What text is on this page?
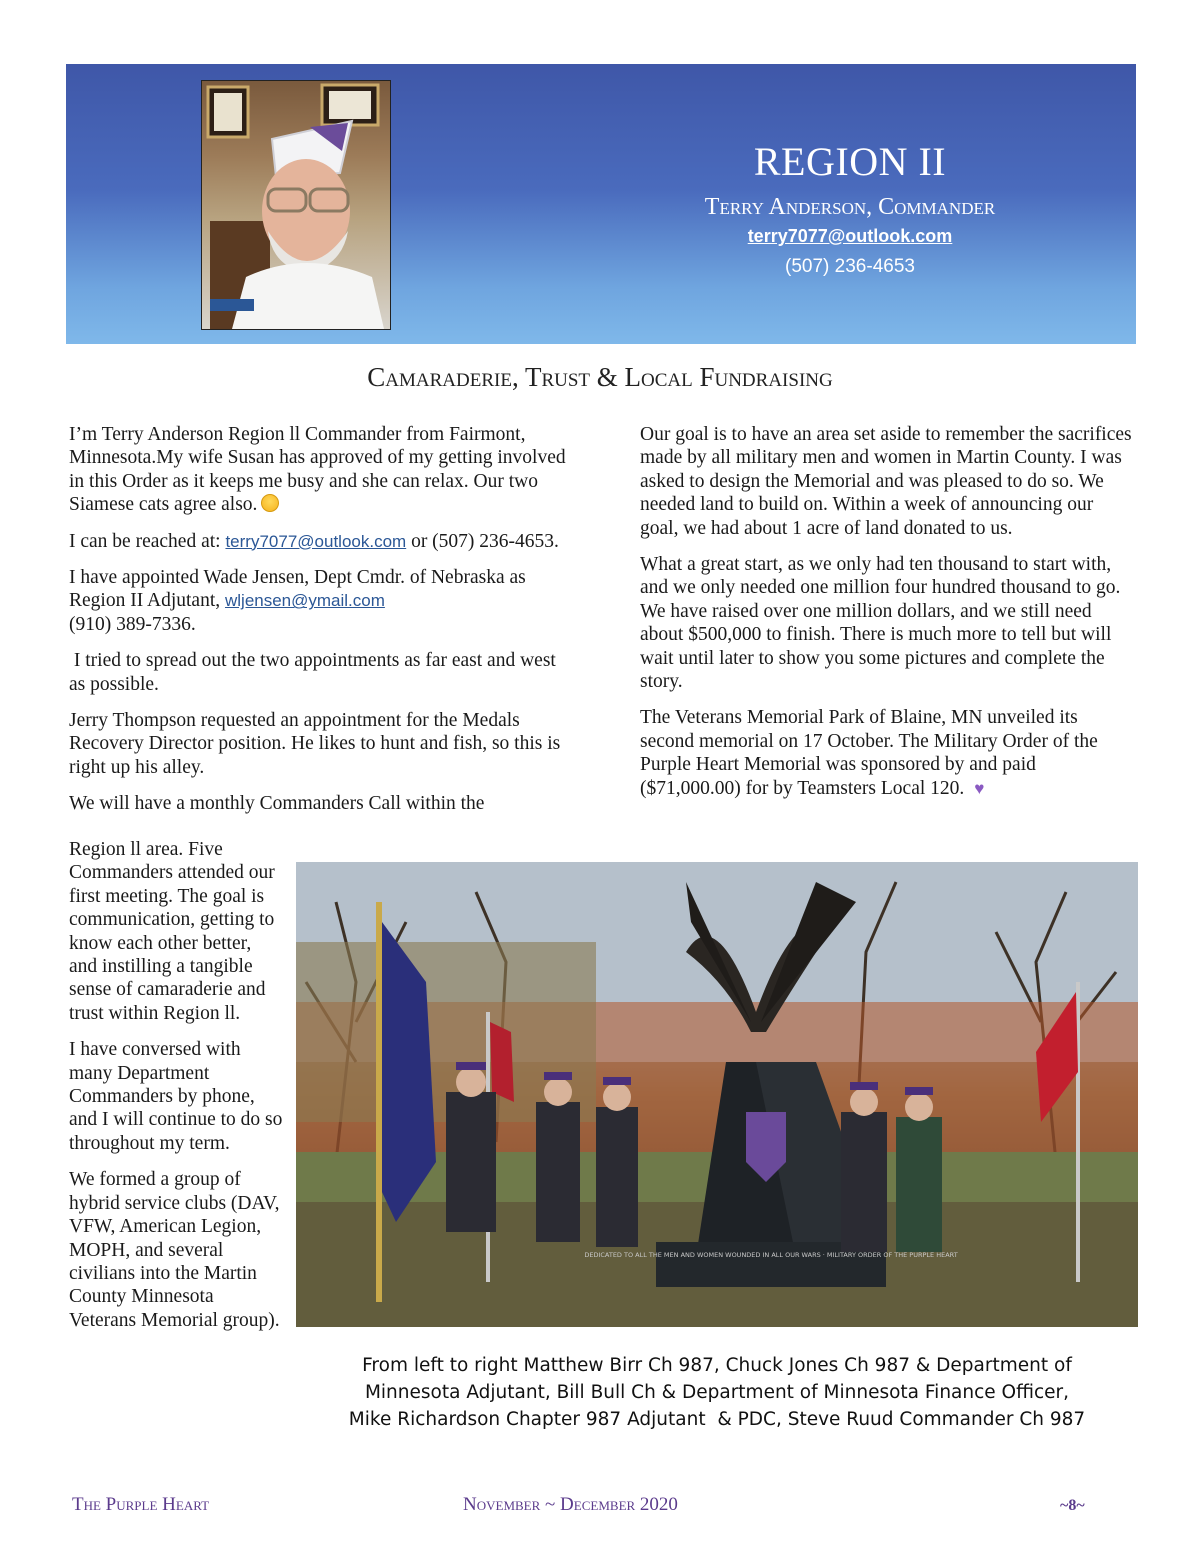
REGION II
Terry Anderson, Commander
terry7077@outlook.com
(507) 236-4653
Camaraderie, Trust & Local Fundraising

I’m Terry Anderson Region ll Commander from Fairmont, Minnesota.My wife Susan has approved of my getting involved in this Order as it keeps me busy and she can relax. Our two Siamese cats agree also.

I can be reached at: terry7077@outlook.com or (507) 236-4653.

I have appointed Wade Jensen, Dept Cmdr. of Nebraska as Region II Adjutant, wljensen@ymail.com
(910) 389-7336.

I tried to spread out the two appointments as far east and west as possible.

Jerry Thompson requested an appointment for the Medals Recovery Director position. He likes to hunt and fish, so this is right up his alley.

We will have a monthly Commanders Call within the

Region ll area. Five Commanders attended our first meeting. The goal is communication, getting to know each other better, and instilling a tangible sense of camaraderie and trust within Region ll.

I have conversed with many Department Commanders by phone, and I will continue to do so throughout my term.

We formed a group of hybrid service clubs (DAV, VFW, American Legion, MOPH, and several civilians into the Martin County Minnesota Veterans Memorial group).

Our goal is to have an area set aside to remember the sacrifices made by all military men and women in Martin County. I was asked to design the Memorial and was pleased to do so. We needed land to build on. Within a week of announcing our goal, we had about 1 acre of land donated to us.

What a great start, as we only had ten thousand to start with, and we only needed one million four hundred thousand to go. We have raised over one million dollars, and we still need about $500,000 to finish. There is much more to tell but will wait until later to show you some pictures and complete the story.

The Veterans Memorial Park of Blaine, MN unveiled its second memorial on 17 October. The Military Order of the Purple Heart Memorial was sponsored by and paid ($71,000.00) for by Teamsters Local 120. ♥

DEDICATED TO ALL THE MEN AND WOMEN WOUNDED IN ALL OUR WARS · MILITARY ORDER OF THE PURPLE HEART
From left to right Matthew Birr Ch 987, Chuck Jones Ch 987 & Department of
Minnesota Adjutant, Bill Bull Ch & Department of Minnesota Finance Officer,
Mike Richardson Chapter 987 Adjutant  & PDC, Steve Ruud Commander Ch 987
The Purple Heart	November ~ December 2020	~8~
